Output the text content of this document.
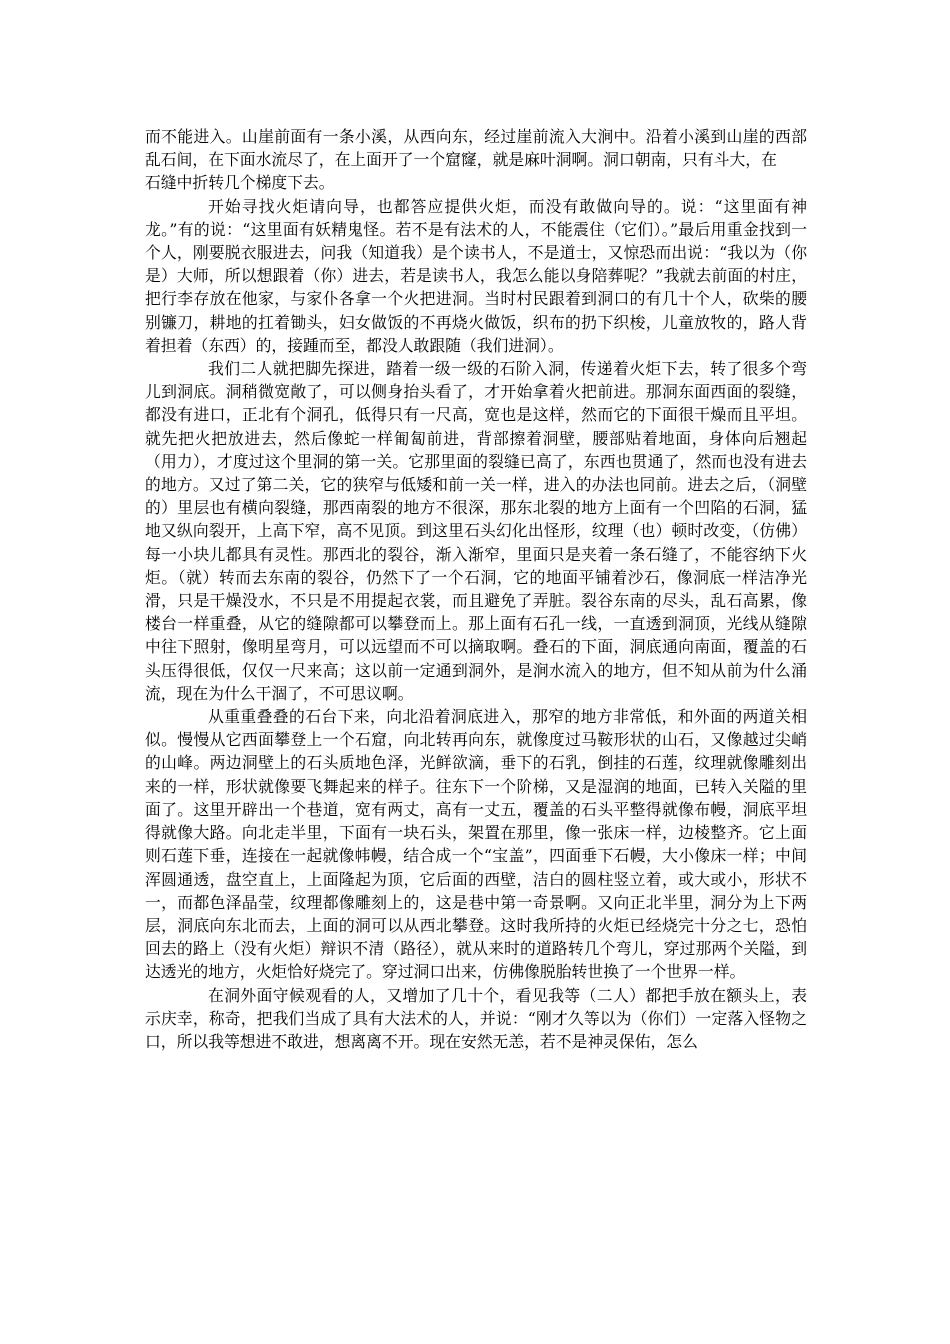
而不能进入。山崖前面有一条小溪，从西向东，经过崖前流入大涧中。沿着小溪到山崖的西部乱石间，在下面水流尽了，在上面开了一个窟窿，就是麻叶洞啊。洞口朝南，只有斗大，在

石缝中折转几个梯度下去。

开始寻找火炬请向导，也都答应提供火炬，而没有敢做向导的。说：“这里面有神龙。”有的说：“这里面有妖精鬼怪。若不是有法术的人，不能震住（它们）。”最后用重金找到一个人，刚要脱衣服进去，问我（知道我）是个读书人，不是道士，又惊恐而出说：“我以为（你是）大师，所以想跟着（你）进去，若是读书人，我怎么能以身陪葬呢？”我就去前面的村庄，把行李存放在他家，与家仆各拿一个火把进洞。当时村民跟着到洞口的有几十个人，砍柴的腰别镰刀，耕地的扛着锄头，妇女做饭的不再烧火做饭，织布的扔下织梭，儿童放牧的，路人背着担着（东西）的，接踵而至，都没人敢跟随（我们进洞）。

我们二人就把脚先探进，踏着一级一级的石阶入洞，传递着火炬下去，转了很多个弯儿到洞底。洞稍微宽敞了，可以侧身抬头看了，才开始拿着火把前进。那洞东面西面的裂缝，都没有进口，正北有个洞孔，低得只有一尺高，宽也是这样，然而它的下面很干燥而且平坦。就先把火把放进去，然后像蛇一样匍匐前进，背部擦着洞壁，腰部贴着地面，身体向后翘起（用力），才度过这个里洞的第一关。它那里面的裂缝已高了，东西也贯通了，然而也没有进去的地方。又过了第二关，它的狭窄与低矮和前一关一样，进入的办法也同前。进去之后，（洞壁的）里层也有横向裂缝，那西南裂的地方不很深，那东北裂的地方上面有一个凹陷的石洞，猛地又纵向裂开，上高下窄，高不见顶。到这里石头幻化出怪形，纹理（也）顿时改变，（仿佛）每一小块儿都具有灵性。那西北的裂谷，渐入渐窄，里面只是夹着一条石缝了，不能容纳下火炬。（就）转而去东南的裂谷，仍然下了一个石洞，它的地面平铺着沙石，像洞底一样洁净光滑，只是干燥没水，不只是不用提起衣裳，而且避免了弄脏。裂谷东南的尽头，乱石高累，像楼台一样重叠，从它的缝隙都可以攀登而上。那上面有石孔一线，一直透到洞顶，光线从缝隙中往下照射，像明星弯月，可以远望而不可以摘取啊。叠石的下面，洞底通向南面，覆盖的石头压得很低，仅仅一尺来高；这以前一定通到洞外，是涧水流入的地方，但不知从前为什么涌流，现在为什么干涸了，不可思议啊。

从重重叠叠的石台下来，向北沿着洞底进入，那窄的地方非常低，和外面的两道关相似。慢慢从它西面攀登上一个石窟，向北转再向东，就像度过马鞍形状的山石，又像越过尖峭的山峰。两边洞壁上的石头质地色泽，光鲜欲滴，垂下的石乳，倒挂的石莲，纹理就像雕刻出来的一样，形状就像要飞舞起来的样子。往东下一个阶梯，又是湿润的地面，已转入关隘的里面了。这里开辟出一个巷道，宽有两丈，高有一丈五，覆盖的石头平整得就像布幔，洞底平坦得就像大路。向北走半里，下面有一块石头，架置在那里，像一张床一样，边棱整齐。它上面则石莲下垂，连接在一起就像帏幔，结合成一个“宝盖”，四面垂下石幔，大小像床一样；中间浑圆通透，盘空直上，上面隆起为顶，它后面的西壁，洁白的圆柱竖立着，或大或小，形状不一，而都色泽晶莹，纹理都像雕刻上的，这是巷中第一奇景啊。又向正北半里，洞分为上下两层，洞底向东北而去，上面的洞可以从西北攀登。这时我所持的火炬已经烧完十分之七，恐怕回去的路上（没有火炬）辩识不清（路径），就从来时的道路转几个弯儿，穿过那两个关隘，到达透光的地方，火炬恰好烧完了。穿过洞口出来，仿佛像脱胎转世换了一个世界一样。

在洞外面守候观看的人，又增加了几十个，看见我等（二人）都把手放在额头上，表示庆幸，称奇，把我们当成了具有大法术的人，并说：“刚才久等以为（你们）一定落入怪物之口，所以我等想进不敢进，想离离不开。现在安然无恙，若不是神灵保佑，怎么
